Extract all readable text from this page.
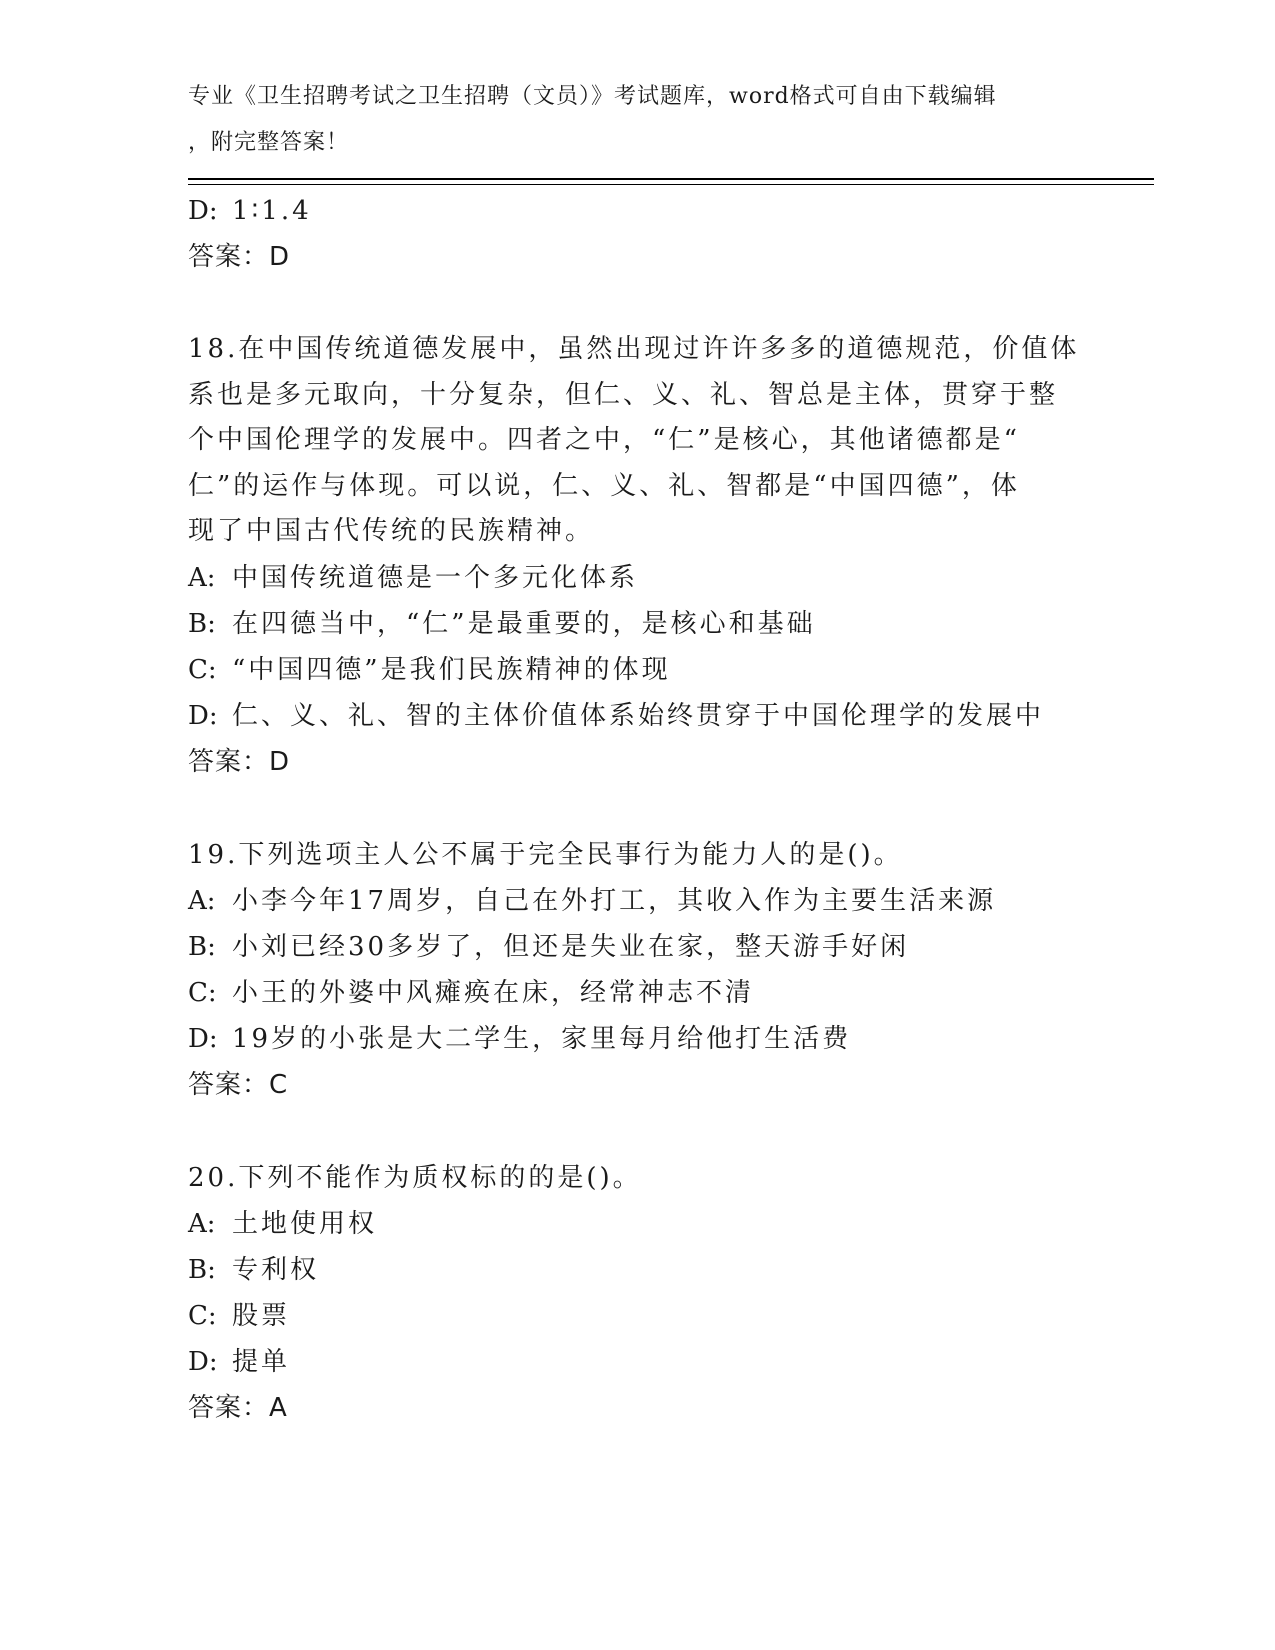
专业《卫生招聘考试之卫生招聘（文员）》考试题库，word格式可自由下载编辑
，附完整答案！
D: 1∶1.4
答案：D
18.在中国传统道德发展中，虽然出现过许许多多的道德规范，价值体
系也是多元取向，十分复杂，但仁、义、礼、智总是主体，贯穿于整
个中国伦理学的发展中。四者之中，“仁”是核心，其他诸德都是“
仁”的运作与体现。可以说，仁、义、礼、智都是“中国四德”，体
现了中国古代传统的民族精神。
A: 中国传统道德是一个多元化体系
B: 在四德当中，“仁”是最重要的，是核心和基础
C: “中国四德”是我们民族精神的体现
D: 仁、义、礼、智的主体价值体系始终贯穿于中国伦理学的发展中
答案：D
19.下列选项主人公不属于完全民事行为能力人的是()。
A: 小李今年17周岁，自己在外打工，其收入作为主要生活来源
B: 小刘已经30多岁了，但还是失业在家，整天游手好闲
C: 小王的外婆中风瘫痪在床，经常神志不清
D: 19岁的小张是大二学生，家里每月给他打生活费
答案：C
20.下列不能作为质权标的的是()。
A: 土地使用权
B: 专利权
C: 股票
D: 提单
答案：A
